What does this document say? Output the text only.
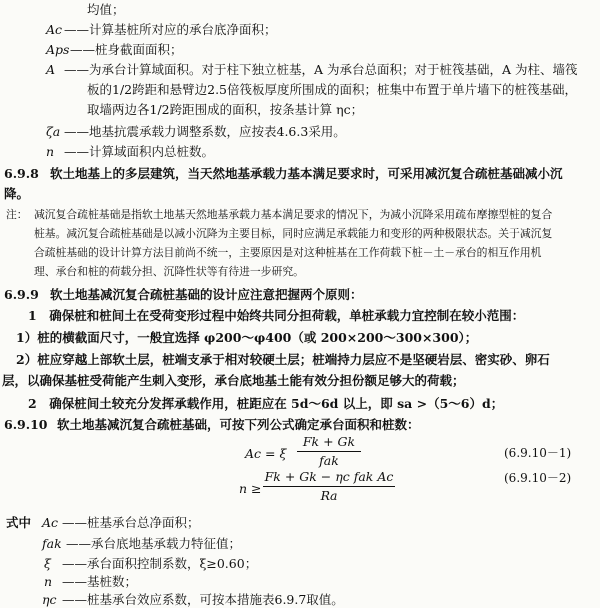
均值；
Ac ——计算基桩所对应的承台底净面积；
Aps ——桩身截面面积；
A ——为承台计算域面积。对于柱下独立桩基，A 为承台总面积；对于桩筏基础，A 为柱、墙筏
板的1/2跨距和悬臂边2.5倍筏板厚度所围成的面积；桩集中布置于单片墙下的桩筏基础，
取墙两边各1/2跨距围成的面积，按条基计算 ηc；
ζa ——地基抗震承载力调整系数，应按表4.6.3采用。
n ——计算域面积内总桩数。
6.9.8 软土地基上的多层建筑，当天然地基承载力基本满足要求时，可采用减沉复合疏桩基础减小沉
降。
注： 减沉复合疏桩基础是指软土地基天然地基承载力基本满足要求的情况下，为减小沉降采用疏布摩擦型桩的复合
桩基。减沉复合疏桩基础是以减小沉降为主要目标，同时应满足承载能力和变形的两种极限状态。关于减沉复
合疏桩基础的设计计算方法目前尚不统一，主要原因是对这种桩基在工作荷载下桩－土－承台的相互作用机
理、承台和桩的荷载分担、沉降性状等有待进一步研究。
6.9.9 软土地基减沉复合疏桩基础的设计应注意把握两个原则：
1　确保桩和桩间土在受荷变形过程中始终共同分担荷载，单桩承载力宜控制在较小范围：
1）桩的横截面尺寸，一般宜选择 φ200～φ400（或 200×200～300×300）；
2）桩应穿越上部软土层，桩端支承于相对较硬土层；桩端持力层应不是坚硬岩层、密实砂、卵石
层，以确保基桩受荷能产生刺入变形，承台底地基土能有效分担份额足够大的荷载；
2　确保桩间土较充分发挥承载作用，桩距应在 5d～6d 以上，即 sa >（5～6）d；
6.9.10 软土地基减沉复合疏桩基础，可按下列公式确定承台面积和桩数：
Ac = ξ
Fk + Gk
fak	(6.9.10－1)
n ≥
Fk + Gk − ηc fak Ac
Rа
(6.9.10－2)
式中 Ac ——桩基承台总净面积；
fak ——承台底地基承载力特征值；
ξ ——承台面积控制系数，ξ≥0.60；
n ——基桩数；
ηc ——桩基承台效应系数，可按本措施表6.9.7取值。
